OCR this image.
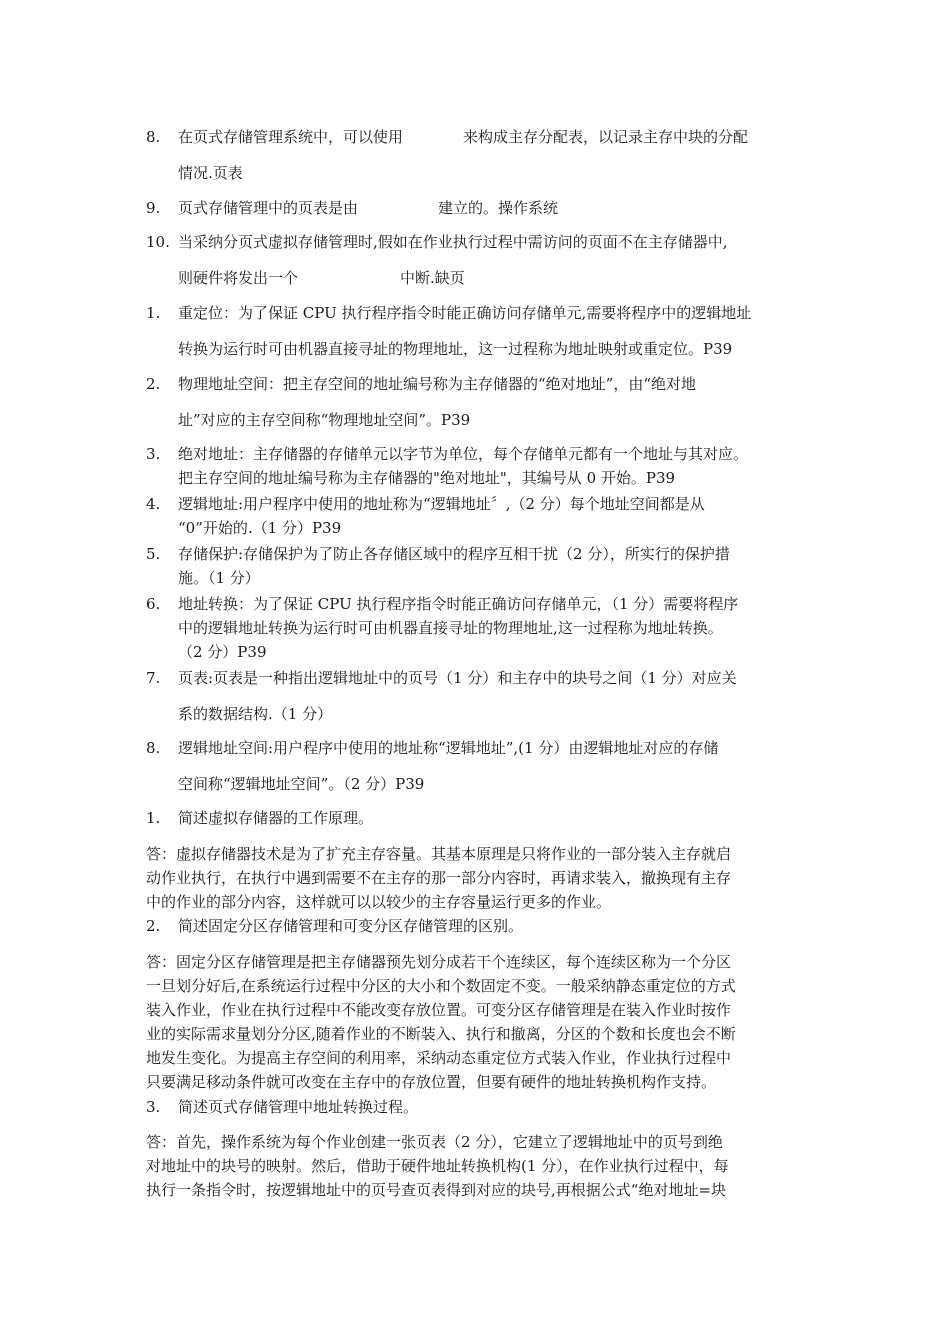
8. 在页式存储管理系统中，可以使用	来构成主存分配表，以记录主存中块的分配
情况.页表
9. 页式存储管理中的页表是由	建立的。操作系统
10. 当采纳分页式虚拟存储管理时,假如在作业执行过程中需访问的页面不在主存储器中,
则硬件将发出一个	中断.缺页
1. 重定位：为了保证 CPU 执行程序指令时能正确访问存储单元,需要将程序中的逻辑地址
转换为运行时可由机器直接寻址的物理地址，这一过程称为地址映射或重定位。P39
2. 物理地址空间：把主存空间的地址编号称为主存储器的“绝对地址”，由“绝对地
址”对应的主存空间称“物理地址空间”。P39
3. 绝对地址：主存储器的存储单元以字节为单位，每个存储单元都有一个地址与其对应。
把主存空间的地址编号称为主存储器的"绝对地址"，其编号从 0 开始。P39
4. 逻辑地址:用户程序中使用的地址称为“逻辑地址〞,（2 分）每个地址空间都是从
“0”开始的.（1 分）P39
5. 存储保护:存储保护为了防止各存储区域中的程序互相干扰（2 分），所实行的保护措
施。（1 分）
6. 地址转换：为了保证 CPU 执行程序指令时能正确访问存储单元，（1 分）需要将程序
中的逻辑地址转换为运行时可由机器直接寻址的物理地址,这一过程称为地址转换。
（2 分）P39
7. 页表:页表是一种指出逻辑地址中的页号（1 分）和主存中的块号之间（1 分）对应关
系的数据结构.（1 分）
8. 逻辑地址空间:用户程序中使用的地址称“逻辑地址”,(1 分）由逻辑地址对应的存储
空间称“逻辑地址空间”。（2 分）P39
1. 简述虚拟存储器的工作原理。
答：虚拟存储器技术是为了扩充主存容量。其基本原理是只将作业的一部分装入主存就启
动作业执行，在执行中遇到需要不在主存的那一部分内容时，再请求装入，撤换现有主存
中的作业的部分内容，这样就可以以较少的主存容量运行更多的作业。
2. 简述固定分区存储管理和可变分区存储管理的区别。
答：固定分区存储管理是把主存储器预先划分成若干个连续区，每个连续区称为一个分区
一旦划分好后,在系统运行过程中分区的大小和个数固定不变。一般采纳静态重定位的方式
装入作业，作业在执行过程中不能改变存放位置。可变分区存储管理是在装入作业时按作
业的实际需求量划分分区,随着作业的不断装入、执行和撤离，分区的个数和长度也会不断
地发生变化。为提高主存空间的利用率，采纳动态重定位方式装入作业，作业执行过程中
只要满足移动条件就可改变在主存中的存放位置，但要有硬件的地址转换机构作支持。
3. 简述页式存储管理中地址转换过程。
答：首先，操作系统为每个作业创建一张页表（2 分），它建立了逻辑地址中的页号到绝
对地址中的块号的映射。然后，借助于硬件地址转换机构(1 分），在作业执行过程中，每
执行一条指令时，按逻辑地址中的页号查页表得到对应的块号,再根据公式“绝对地址=块
